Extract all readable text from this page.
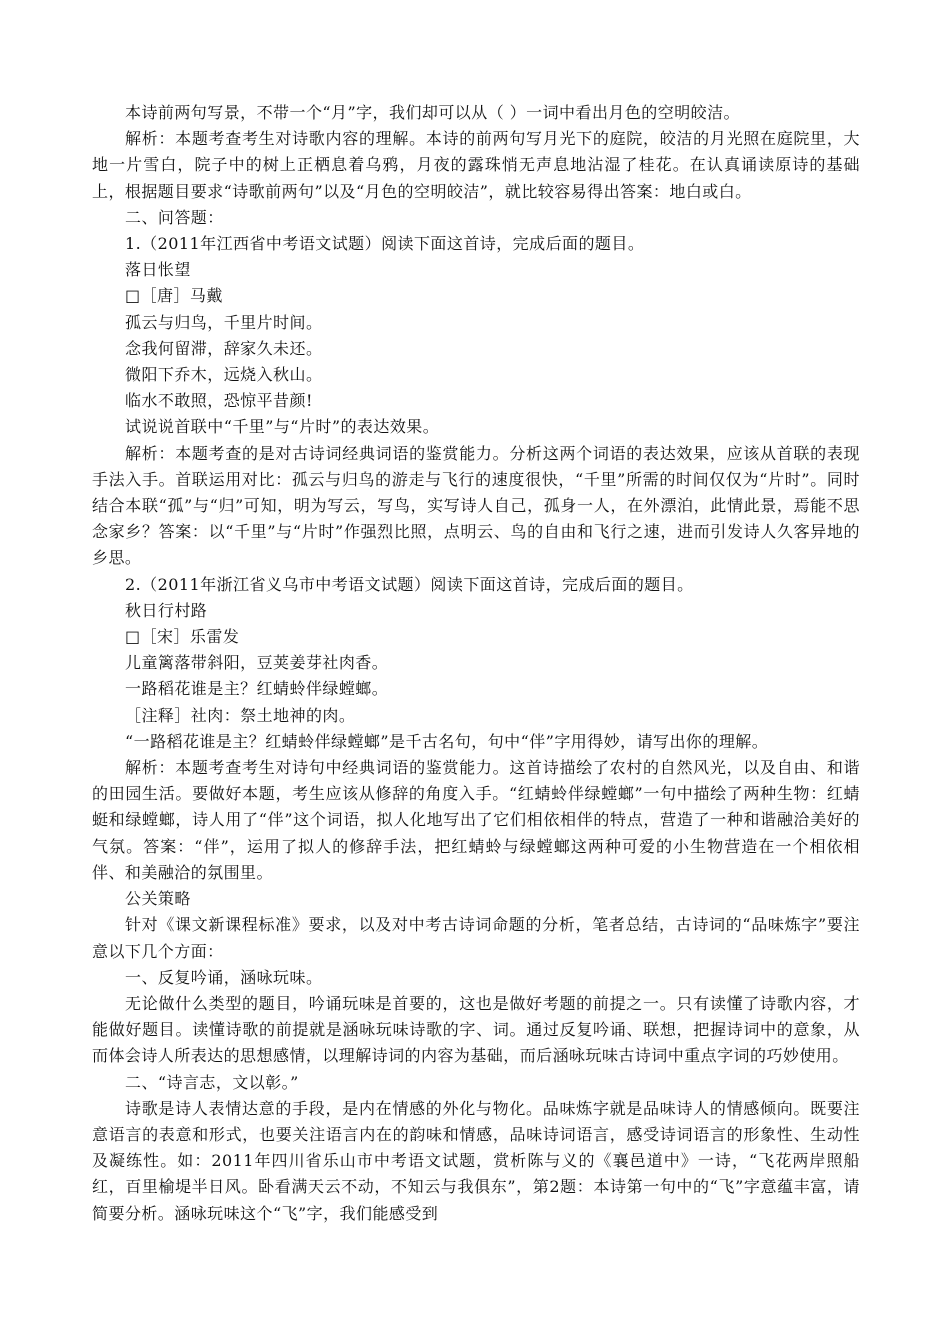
本诗前两句写景，不带一个“月”字，我们却可以从（ ）一词中看出月色的空明皎洁。

解析：本题考查考生对诗歌内容的理解。本诗的前两句写月光下的庭院，皎洁的月光照在庭院里，大地一片雪白，院子中的树上正栖息着乌鸦，月夜的露珠悄无声息地沾湿了桂花。在认真诵读原诗的基础上，根据题目要求“诗歌前两句”以及“月色的空明皎洁”，就比较容易得出答案：地白或白。

二、问答题：

1.（2011年江西省中考语文试题）阅读下面这首诗，完成后面的题目。

落日怅望

□［唐］马戴

孤云与归鸟，千里片时间。

念我何留滞，辞家久未还。

微阳下乔木，远烧入秋山。

临水不敢照，恐惊平昔颜!

试说说首联中“千里”与“片时”的表达效果。

解析：本题考查的是对古诗词经典词语的鉴赏能力。分析这两个词语的表达效果，应该从首联的表现手法入手。首联运用对比：孤云与归鸟的游走与飞行的速度很快，“千里”所需的时间仅仅为“片时”。同时结合本联“孤”与“归”可知，明为写云，写鸟，实写诗人自己，孤身一人，在外漂泊，此情此景，焉能不思念家乡？答案：以“千里”与“片时”作强烈比照，点明云、鸟的自由和飞行之速，进而引发诗人久客异地的乡思。

2.（2011年浙江省义乌市中考语文试题）阅读下面这首诗，完成后面的题目。

秋日行村路

□［宋］乐雷发

儿童篱落带斜阳，豆荚姜芽社肉香。

一路稻花谁是主？红蜻蛉伴绿螳螂。

［注释］社肉：祭土地神的肉。

“一路稻花谁是主？红蜻蛉伴绿螳螂”是千古名句，句中“伴”字用得妙，请写出你的理解。

解析：本题考查考生对诗句中经典词语的鉴赏能力。这首诗描绘了农村的自然风光，以及自由、和谐的田园生活。要做好本题，考生应该从修辞的角度入手。“红蜻蛉伴绿螳螂”一句中描绘了两种生物：红蜻蜓和绿螳螂，诗人用了“伴”这个词语，拟人化地写出了它们相依相伴的特点，营造了一种和谐融洽美好的气氛。答案：“伴”，运用了拟人的修辞手法，把红蜻蛉与绿螳螂这两种可爱的小生物营造在一个相依相伴、和美融洽的氛围里。

公关策略

针对《课文新课程标准》要求，以及对中考古诗词命题的分析，笔者总结，古诗词的“品味炼字”要注意以下几个方面：

一、反复吟诵，涵咏玩味。

无论做什么类型的题目，吟诵玩味是首要的，这也是做好考题的前提之一。只有读懂了诗歌内容，才能做好题目。读懂诗歌的前提就是涵咏玩味诗歌的字、词。通过反复吟诵、联想，把握诗词中的意象，从而体会诗人所表达的思想感情，以理解诗词的内容为基础，而后涵咏玩味古诗词中重点字词的巧妙使用。

二、“诗言志，文以彰。”

诗歌是诗人表情达意的手段，是内在情感的外化与物化。品味炼字就是品味诗人的情感倾向。既要注意语言的表意和形式，也要关注语言内在的韵味和情感，品味诗词语言，感受诗词语言的形象性、生动性及凝练性。如：2011年四川省乐山市中考语文试题，赏析陈与义的《襄邑道中》一诗，“飞花两岸照船红，百里榆堤半日风。卧看满天云不动，不知云与我俱东”，第2题：本诗第一句中的“飞”字意蕴丰富，请简要分析。涵咏玩味这个“飞”字，我们能感受到
